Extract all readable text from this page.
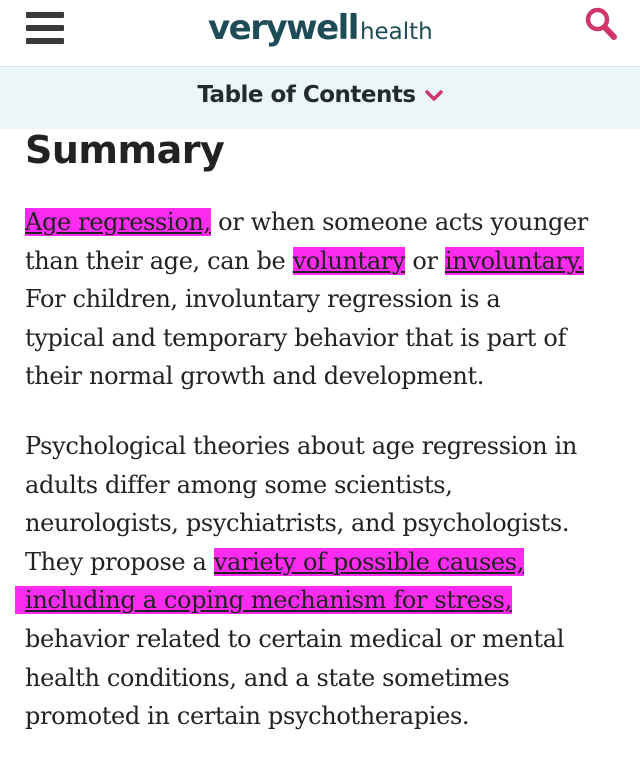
verywellhealth
Table of Contents
Summary
Age regression, or when someone acts younger
than their age, can be voluntary or involuntary.
For children, involuntary regression is a
typical and temporary behavior that is part of
their normal growth and development.
Psychological theories about age regression in
adults differ among some scientists,
neurologists, psychiatrists, and psychologists.
They propose a variety of possible causes,
including a coping mechanism for stress,
behavior related to certain medical or mental
health conditions, and a state sometimes
promoted in certain psychotherapies.
